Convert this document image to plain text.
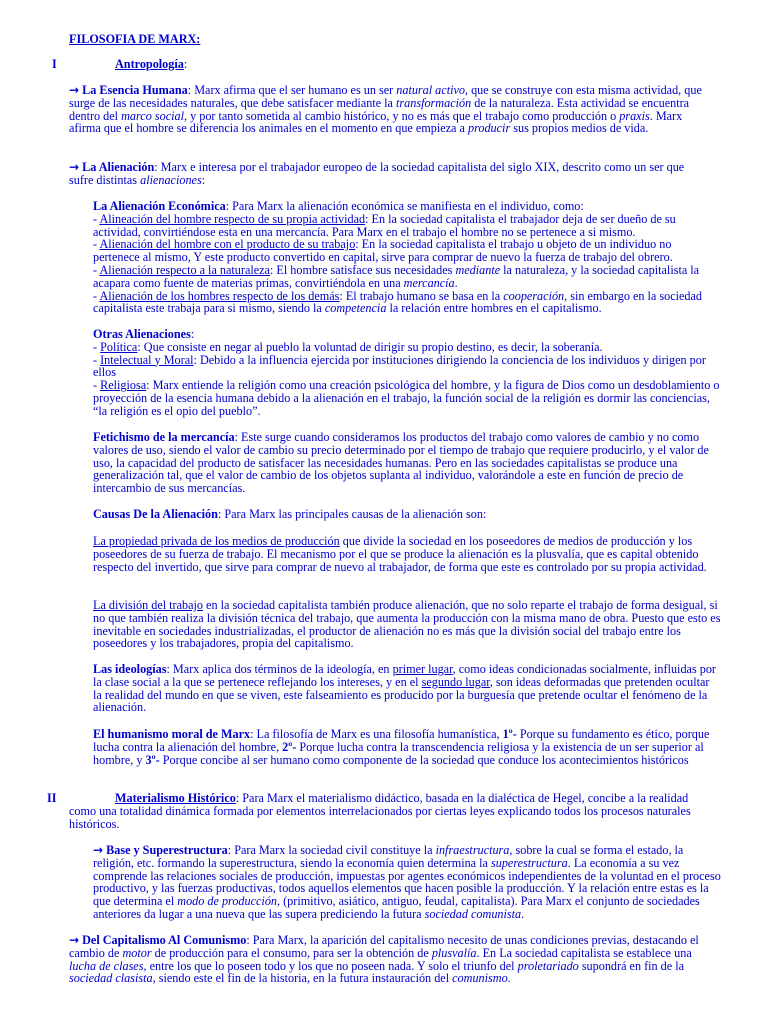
FILOSOFIA DE MARX:
I	Antropología:

→ La Esencia Humana: Marx afirma que el ser humano es un ser natural activo, que se construye con esta misma actividad, que surge de las necesidades naturales, que debe satisfacer mediante la transformación de la naturaleza. Esta actividad se encuentra dentro del marco social, y por tanto sometida al cambio histórico, y no es más que el trabajo como producción o praxis. Marx afirma que el hombre se diferencia los animales en el momento en que empieza a producir sus propios medios de vida.

→ La Alienación: Marx e interesa por el trabajador europeo de la sociedad capitalista del siglo XIX, descrito como un ser que sufre distintas alienaciones:

La Alienación Económica: Para Marx la alienación económica se manifiesta en el individuo, como:
- Alineación del hombre respecto de su propia actividad: En la sociedad capitalista el trabajador deja de ser dueño de su actividad, convirtiéndose esta en una mercancía. Para Marx en el trabajo el hombre no se pertenece a si mismo.
- Alienación del hombre con el producto de su trabajo: En la sociedad capitalista el trabajo u objeto de un individuo no pertenece al mismo, Y este producto convertido en capital, sirve para comprar de nuevo la fuerza de trabajo del obrero.
- Alienación respecto a la naturaleza: El hombre satisface sus necesidades mediante la naturaleza, y la sociedad capitalista la acapara como fuente de materias primas, convirtiéndola en una mercancía.
- Alienación de los hombres respecto de los demás: El trabajo humano se basa en la cooperación, sin embargo en la sociedad capitalista este trabaja para si mismo, siendo la competencia la relación entre hombres en el capitalismo.
Otras Alienaciones:
- Política: Que consiste en negar al pueblo la voluntad de dirigir su propio destino, es decir, la soberanía.
- Intelectual y Moral: Debido a la influencia ejercida por instituciones dirigiendo la conciencia de los individuos y dirigen por ellos
- Religiosa: Marx entiende la religión como una creación psicológica del hombre, y la figura de Dios como un desdoblamiento o proyección de la esencia humana debido a la alienación en el trabajo, la función social de la religión es dormir las conciencias, “la religión es el opio del pueblo”.

Fetichismo de la mercancía: Este surge cuando consideramos los productos del trabajo como valores de cambio y no como valores de uso, siendo el valor de cambio su precio determinado por el tiempo de trabajo que requiere producirlo, y el valor de uso, la capacidad del producto de satisfacer las necesidades humanas. Pero en las sociedades capitalistas se produce una generalización tal, que el valor de cambio de los objetos suplanta al individuo, valorándole a este en función de precio de intercambio de sus mercancías.

Causas De la Alienación: Para Marx las principales causas de la alienación son:

La propiedad privada de los medios de producción que divide la sociedad en los poseedores de medios de producción y los poseedores de su fuerza de trabajo. El mecanismo por el que se produce la alienación es la plusvalía, que es capital obtenido respecto del invertido, que sirve para comprar de nuevo al trabajador, de forma que este es controlado por su propia actividad.

La división del trabajo en la sociedad capitalista también produce alienación, que no solo reparte el trabajo de forma desigual, si no que también realiza la división técnica del trabajo, que aumenta la producción con la misma mano de obra. Puesto que esto es inevitable en sociedades industrializadas, el productor de alienación no es más que la división social del trabajo entre los poseedores y los trabajadores, propia del capitalismo.

Las ideologías: Marx aplica dos términos de la ideología, en primer lugar, como ideas condicionadas socialmente, influidas por la clase social a la que se pertenece reflejando los intereses, y en el segundo lugar, son ideas deformadas que pretenden ocultar la realidad del mundo en que se viven, este falseamiento es producido por la burguesía que pretende ocultar el fenómeno de la alienación.

El humanismo moral de Marx: La filosofía de Marx es una filosofía humanística, 1º- Porque su fundamento es ético, porque lucha contra la alienación del hombre, 2º- Porque lucha contra la transcendencia religiosa y la existencia de un ser superior al hombre, y 3º- Porque concibe al ser humano como componente de la sociedad que conduce los acontecimientos históricos

II	Materialismo Histórico: Para Marx el materialismo didáctico, basada en la dialéctica de Hegel, concibe a la realidad como una totalidad dinámica formada por elementos interrelacionados por ciertas leyes explicando todos los procesos naturales históricos.

→ Base y Superestructura: Para Marx la sociedad civil constituye la infraestructura, sobre la cual se forma el estado, la religión, etc. formando la superestructura, siendo la economía quien determina la superestructura. La economía a su vez comprende las relaciones sociales de producción, impuestas por agentes económicos independientes de la voluntad en el proceso productivo, y las fuerzas productivas, todos aquellos elementos que hacen posible la producción. Y la relación entre estas es la que determina el modo de producción, (primitivo, asiático, antiguo, feudal, capitalista). Para Marx el conjunto de sociedades anteriores da lugar a una nueva que las supera prediciendo la futura sociedad comunista.

→ Del Capitalismo Al Comunismo: Para Marx, la aparición del capitalismo necesito de unas condiciones previas, destacando el cambio de motor de producción para el consumo, para ser la obtención de plusvalía. En La sociedad capitalista se establece una lucha de clases, entre los que lo poseen todo y los que no poseen nada. Y solo el triunfo del proletariado supondrá en fin de la sociedad clasista, siendo este el fin de la historia, en la futura instauración del comunismo.
